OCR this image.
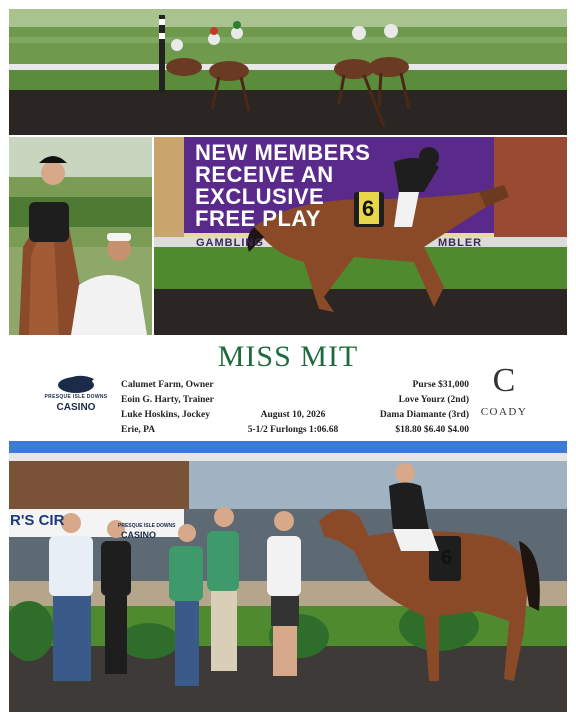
NEW MEMBERS
RECEIVE AN
EXCLUSIVE
FREE PLAY
GAMBLING	MBLER
6
PRESQUE ISLE DOWNS
CASINO
MISS MIT
Calumet Farm, Owner
Eoin G. Harty, Trainer
Luke Hoskins, Jockey
Erie, PA
August 10, 2026
5-1/2 Furlongs 1:06.68
Purse $31,000
Love Yourz (2nd)
Dama Diamante (3rd)
$18.80 $6.40 $4.00
C
COADY
R'S CIR	PRESQUE ISLE DOWNS
CASINO
6
